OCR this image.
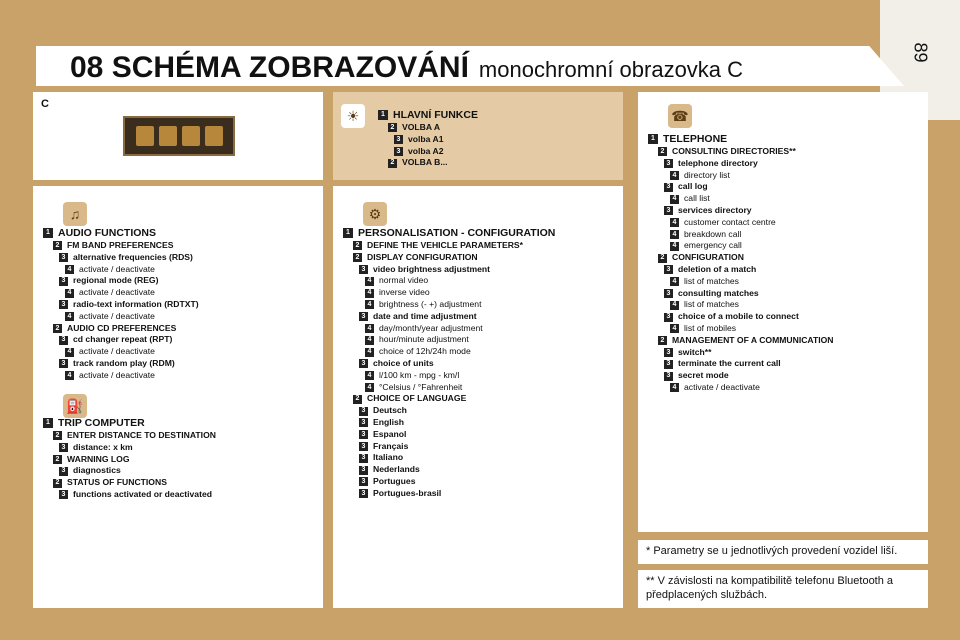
89
08 SCHÉMA ZOBRAZOVÁNÍ monochromní obrazovka C
C
☀	1 HLAVNÍ FUNKCE
2 VOLBA A
3 volba A1
3 volba A2
2 VOLBA B...
♫
1 AUDIO FUNCTIONS
2 FM BAND PREFERENCES
3 alternative frequencies (RDS)
4 activate / deactivate
3 regional mode (REG)
4 activate / deactivate
3 radio-text information (RDTXT)
4 activate / deactivate
2 AUDIO CD PREFERENCES
3 cd changer repeat (RPT)
4 activate / deactivate
3 track random play (RDM)
4 activate / deactivate
⛽
1 TRIP COMPUTER
2 ENTER DISTANCE TO DESTINATION
3 distance: x km
2 WARNING LOG
3 diagnostics
2 STATUS OF FUNCTIONS
3 functions activated or deactivated
⚙
1 PERSONALISATION - CONFIGURATION
2 DEFINE THE VEHICLE PARAMETERS*
2 DISPLAY CONFIGURATION
3 video brightness adjustment
4 normal video
4 inverse video
4 brightness (- +) adjustment
3 date and time adjustment
4 day/month/year adjustment
4 hour/minute adjustment
4 choice of 12h/24h mode
3 choice of units
4 l/100 km - mpg - km/l
4 °Celsius / °Fahrenheit
2 CHOICE OF LANGUAGE
3 Deutsch
3 English
3 Espanol
3 Français
3 Italiano
3 Nederlands
3 Portugues
3 Portugues-brasil
☎
1 TELEPHONE
2 CONSULTING DIRECTORIES**
3 telephone directory
4 directory list
3 call log
4 call list
3 services directory
4 customer contact centre
4 breakdown call
4 emergency call
2 CONFIGURATION
3 deletion of a match
4 list of matches
3 consulting matches
4 list of matches
3 choice of a mobile to connect
4 list of mobiles
2 MANAGEMENT OF A COMMUNICATION
3 switch**
3 terminate the current call
3 secret mode
4 activate / deactivate
* Parametry se u jednotlivých provedení vozidel liší.
** V závislosti na kompatibilitě telefonu Bluetooth a předplacených službách.
